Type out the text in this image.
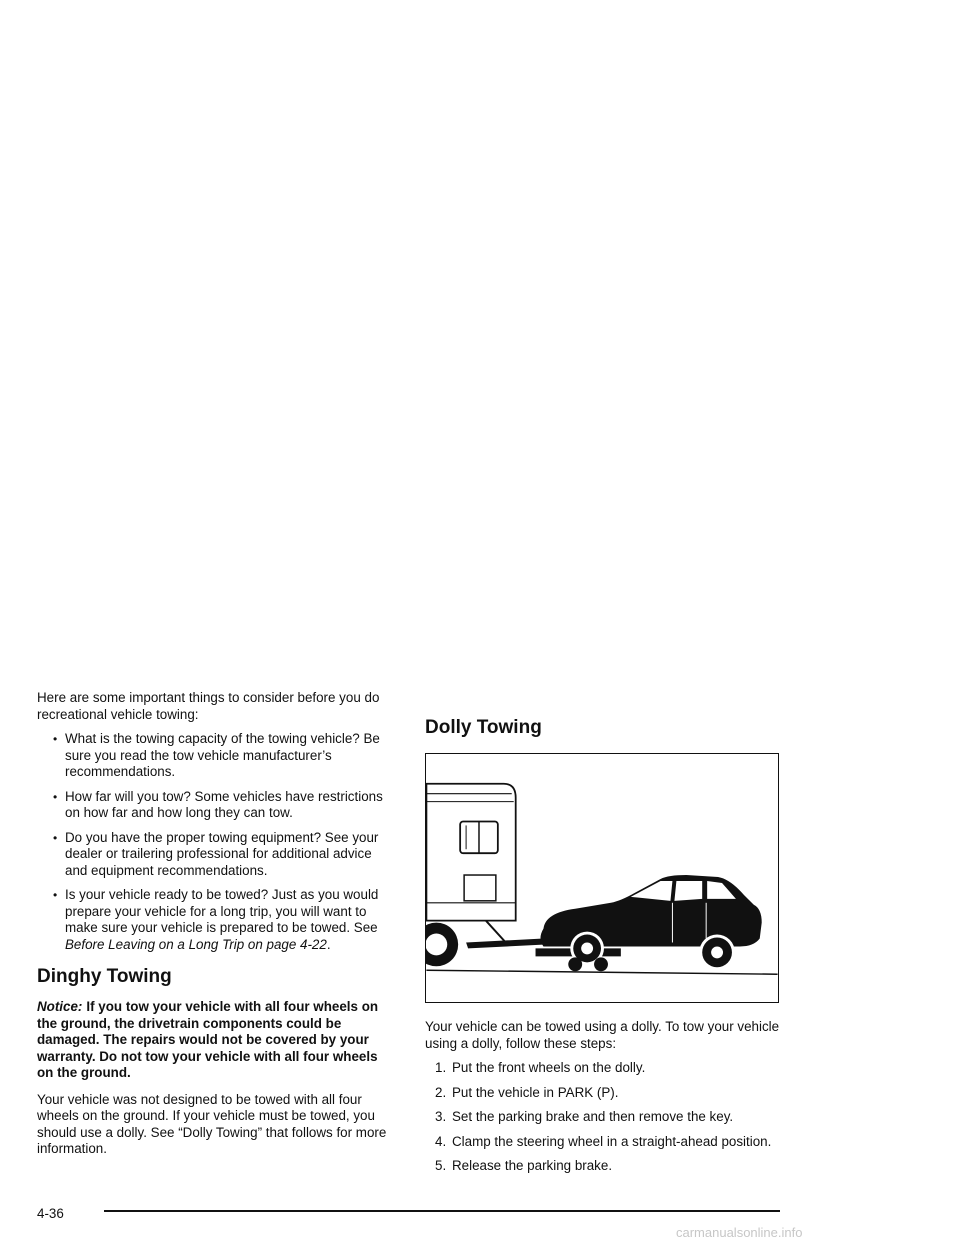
Here are some important things to consider before you do recreational vehicle towing:

• What is the towing capacity of the towing vehicle? Be sure you read the tow vehicle manufacturer’s recommendations.
• How far will you tow? Some vehicles have restrictions on how far and how long they can tow.
• Do you have the proper towing equipment? See your dealer or trailering professional for additional advice and equipment recommendations.
• Is your vehicle ready to be towed? Just as you would prepare your vehicle for a long trip, you will want to make sure your vehicle is prepared to be towed. See Before Leaving on a Long Trip on page 4-22.
Dinghy Towing

Notice: If you tow your vehicle with all four wheels on the ground, the drivetrain components could be damaged. The repairs would not be covered by your warranty. Do not tow your vehicle with all four wheels on the ground.

Your vehicle was not designed to be towed with all four wheels on the ground. If your vehicle must be towed, you should use a dolly. See “Dolly Towing” that follows for more information.

Dolly Towing

Your vehicle can be towed using a dolly. To tow your vehicle using a dolly, follow these steps:

1. Put the front wheels on the dolly.
2. Put the vehicle in PARK (P).
3. Set the parking brake and then remove the key.
4. Clamp the steering wheel in a straight-ahead position.
5. Release the parking brake.
4-36
carmanualsonline.info
